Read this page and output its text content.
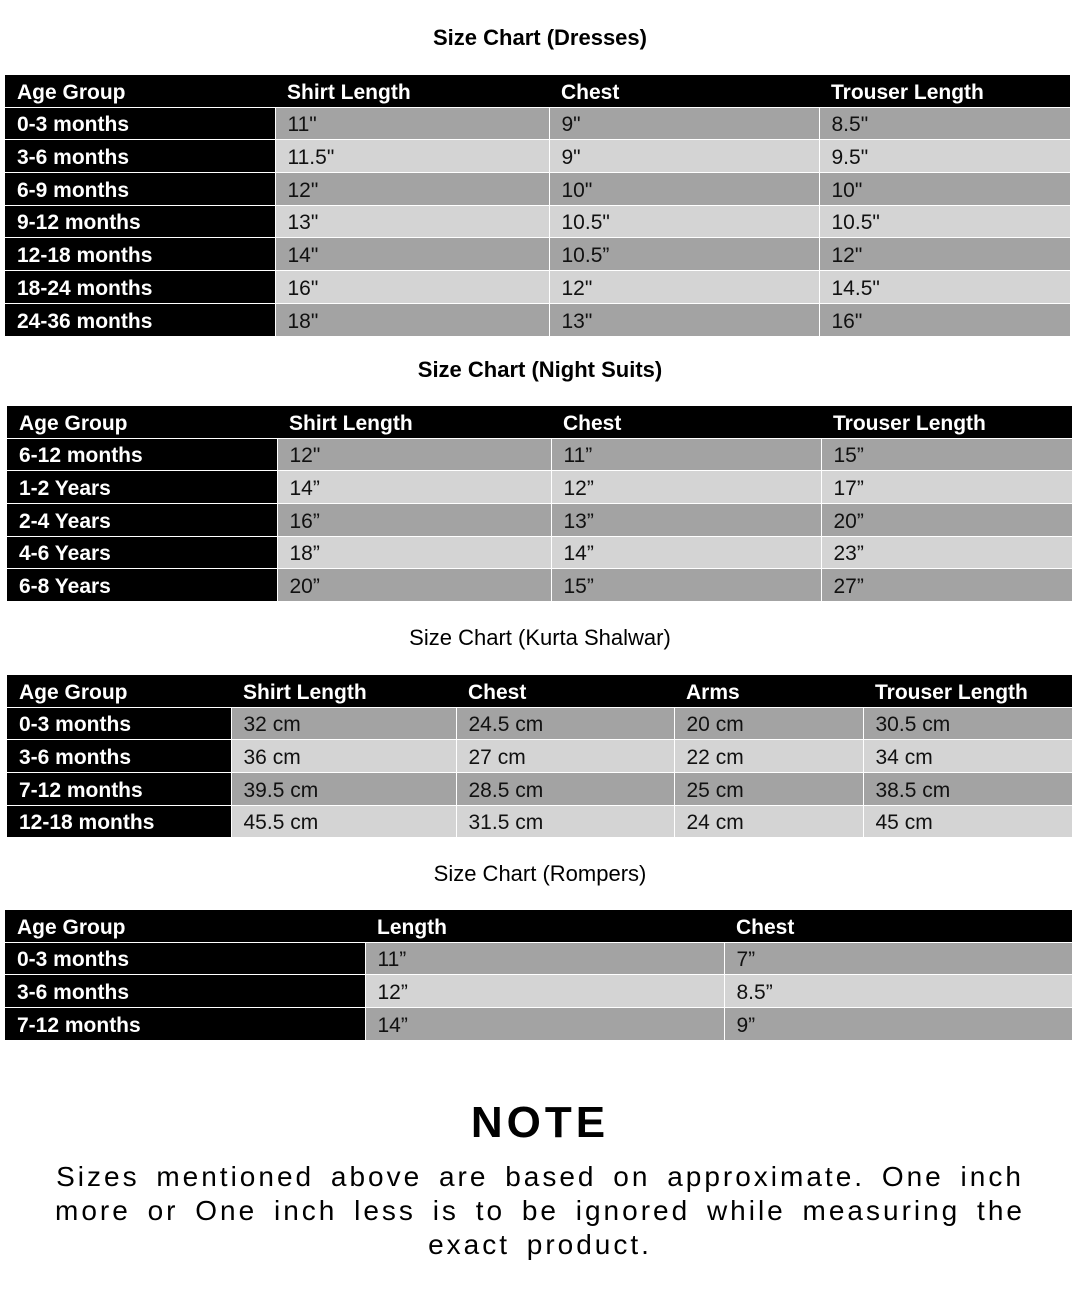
Size Chart (Dresses)
Age Group	Shirt Length	Chest	Trouser Length
0-3 months	11"	9"	8.5"
3-6 months	11.5"	9"	9.5"
6-9 months	12"	10"	10"
9-12 months	13"	10.5"	10.5"
12-18 months	14"	10.5”	12"
18-24 months	16"	12"	14.5"
24-36 months	18"	13"	16"
Size Chart (Night Suits)
Age Group	Shirt Length	Chest	Trouser Length
6-12 months	12"	11”	15”
1-2 Years	14”	12”	17”
2-4 Years	16”	13”	20”
4-6 Years	18”	14”	23”
6-8 Years	20”	15”	27”
Size Chart (Kurta Shalwar)
Age Group	Shirt Length	Chest	Arms	Trouser Length
0-3 months	32 cm	24.5 cm	20 cm	30.5 cm
3-6 months	36 cm	27 cm	22 cm	34 cm
7-12 months	39.5 cm	28.5 cm	25 cm	38.5 cm
12-18 months	45.5 cm	31.5 cm	24 cm	45 cm
Size Chart (Rompers)
Age Group	Length	Chest
0-3 months	11”	7”
3-6 months	12”	8.5”
7-12 months	14”	9”
NOTE
Sizes mentioned above are based on approximate. One inch more or One inch less is to be ignored while measuring the exact product.
